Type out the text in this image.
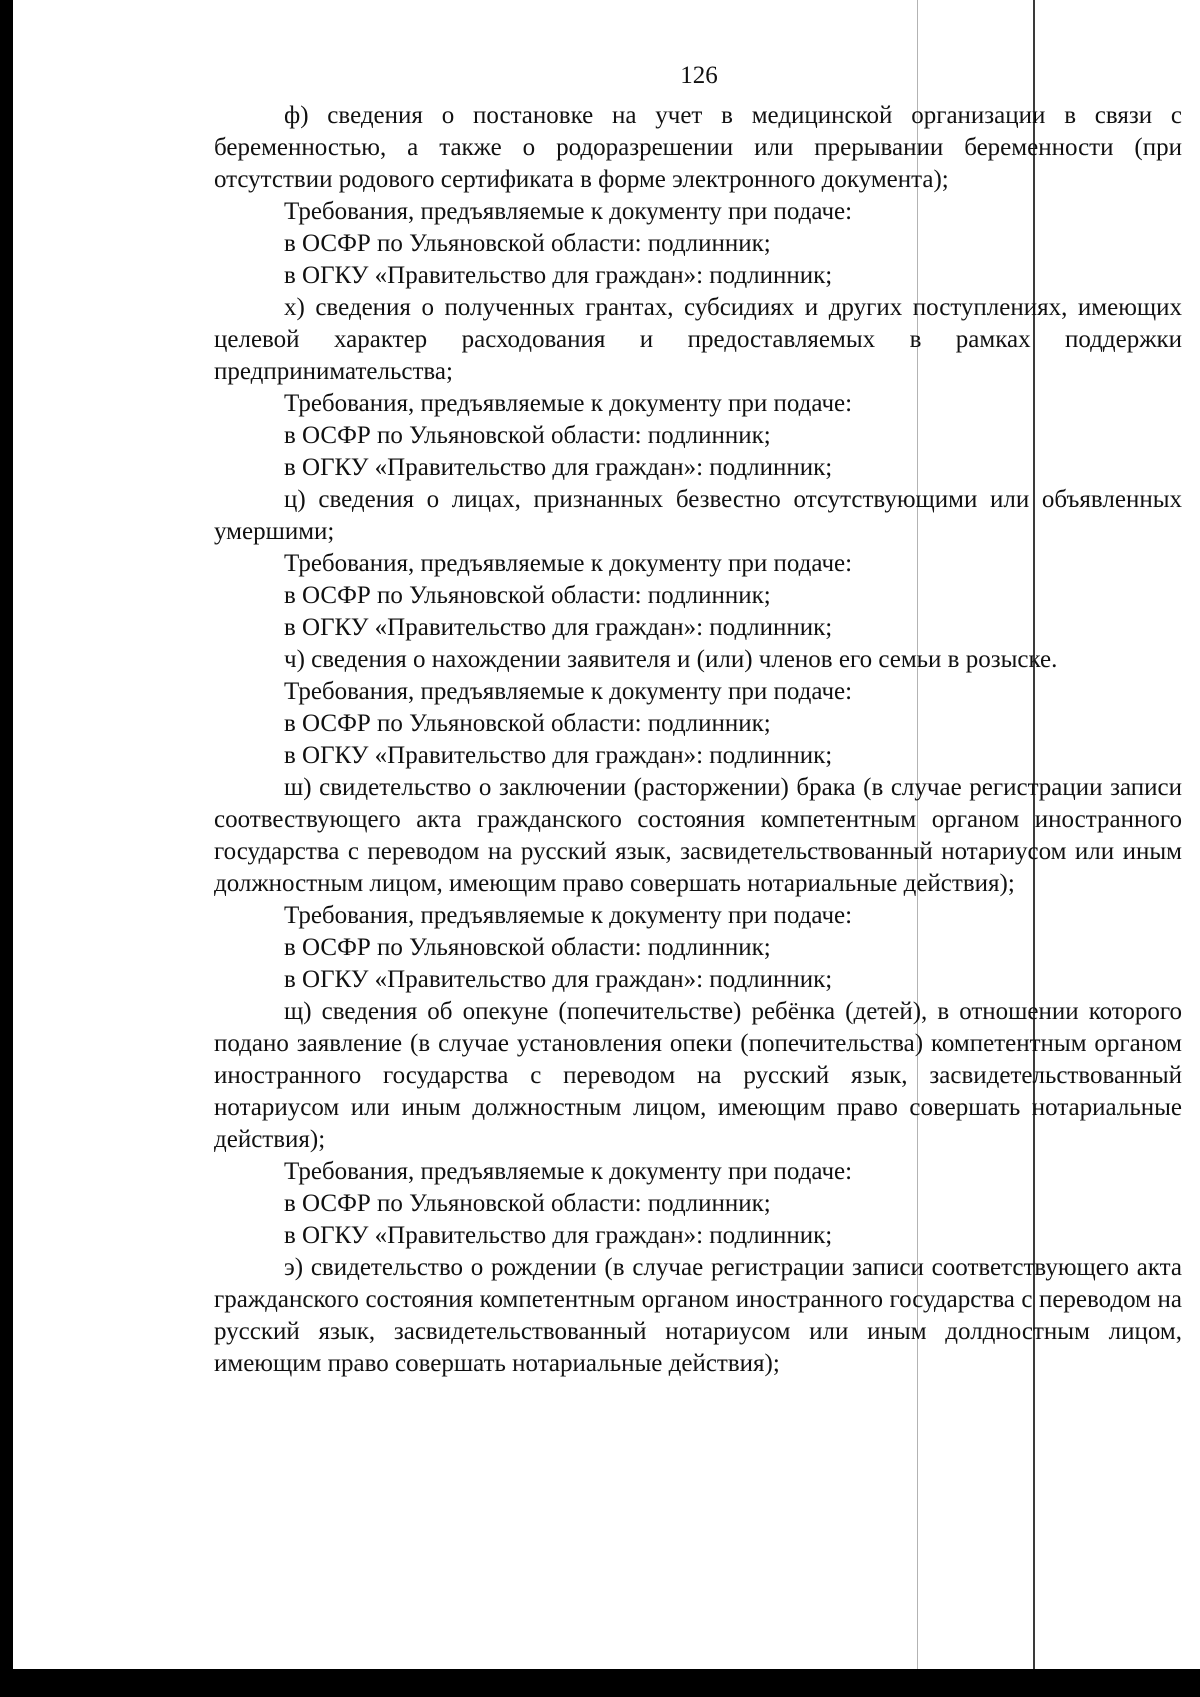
126

ф) сведения о постановке на учет в медицинской организации в связи с беременностью, а также о родоразрешении или прерывании беременности (при отсутствии родового сертификата в форме электронного документа);

Требования, предъявляемые к документу при подаче:

в ОСФР по Ульяновской области: подлинник;

в ОГКУ «Правительство для граждан»: подлинник;

х) сведения о полученных грантах, субсидиях и других поступлениях, имеющих целевой характер расходования и предоставляемых в рамках поддержки предпринимательства;

Требования, предъявляемые к документу при подаче:

в ОСФР по Ульяновской области: подлинник;

в ОГКУ «Правительство для граждан»: подлинник;

ц) сведения о лицах, признанных безвестно отсутствующими или объявленных умершими;

Требования, предъявляемые к документу при подаче:

в ОСФР по Ульяновской области: подлинник;

в ОГКУ «Правительство для граждан»: подлинник;

ч) сведения о нахождении заявителя и (или) членов его семьи в розыске.

Требования, предъявляемые к документу при подаче:

в ОСФР по Ульяновской области: подлинник;

в ОГКУ «Правительство для граждан»: подлинник;

ш) свидетельство о заключении (расторжении) брака (в случае регистрации записи соотвествующего акта гражданского состояния компетентным органом иностранного государства с переводом на русский язык, засвидетельствованный нотариусом или иным должностным лицом, имеющим право совершать нотариальные действия);

Требования, предъявляемые к документу при подаче:

в ОСФР по Ульяновской области: подлинник;

в ОГКУ «Правительство для граждан»: подлинник;

щ) сведения об опекуне (попечительстве) ребёнка (детей), в отношении которого подано заявление (в случае установления опеки (попечительства) компетентным органом иностранного государства с переводом на русский язык, засвидетельствованный нотариусом или иным должностным лицом, имеющим право совершать нотариальные действия);

Требования, предъявляемые к документу при подаче:

в ОСФР по Ульяновской области: подлинник;

в ОГКУ «Правительство для граждан»: подлинник;

э) свидетельство о рождении (в случае регистрации записи соответствующего акта гражданского состояния компетентным органом иностранного государства с переводом на русский язык, засвидетельствованный нотариусом или иным долдностным лицом, имеющим право совершать нотариальные действия);
